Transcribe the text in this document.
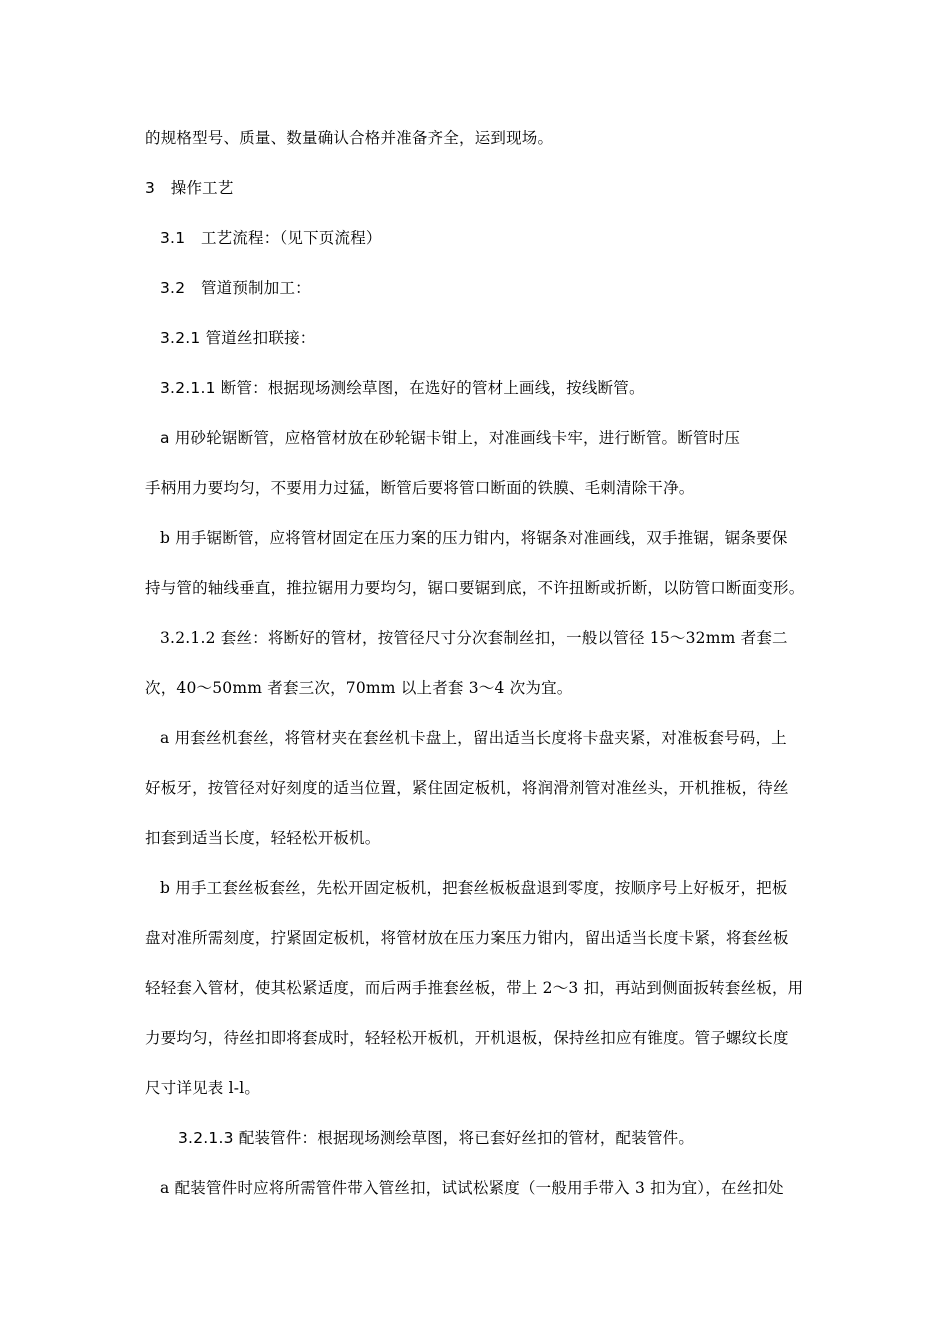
的规格型号、质量、数量确认合格并准备齐全，运到现场。
3　操作工艺
3.1　工艺流程：（见下页流程）
3.2　管道预制加工：
3.2.1 管道丝扣联接：
3.2.1.1 断管：根据现场测绘草图，在选好的管材上画线，按线断管。
a 用砂轮锯断管，应格管材放在砂轮锯卡钳上，对准画线卡牢，进行断管。断管时压
手柄用力要均匀，不要用力过猛，断管后要将管口断面的铁膜、毛刺清除干净。
b 用手锯断管，应将管材固定在压力案的压力钳内，将锯条对准画线，双手推锯，锯条要保
持与管的轴线垂直，推拉锯用力要均匀，锯口要锯到底，不许扭断或折断，以防管口断面变形。
3.2.1.2 套丝：将断好的管材，按管径尺寸分次套制丝扣，一般以管径 15～32mm 者套二
次，40～50mm 者套三次，70mm 以上者套 3～4 次为宜。
a 用套丝机套丝，将管材夹在套丝机卡盘上，留出适当长度将卡盘夹紧，对准板套号码，上
好板牙，按管径对好刻度的适当位置，紧住固定板机，将润滑剂管对准丝头，开机推板，待丝
扣套到适当长度，轻轻松开板机。
b 用手工套丝板套丝，先松开固定板机，把套丝板板盘退到零度，按顺序号上好板牙，把板
盘对准所需刻度，拧紧固定板机，将管材放在压力案压力钳内，留出适当长度卡紧，将套丝板
轻轻套入管材，使其松紧适度，而后两手推套丝板，带上 2～3 扣，再站到侧面扳转套丝板，用
力要均匀，待丝扣即将套成时，轻轻松开板机，开机退板，保持丝扣应有锥度。管子螺纹长度
尺寸详见表 l-l。
3.2.1.3 配装管件：根据现场测绘草图，将已套好丝扣的管材，配装管件。
a 配装管件时应将所需管件带入管丝扣，试试松紧度（一般用手带入 3 扣为宜），在丝扣处
